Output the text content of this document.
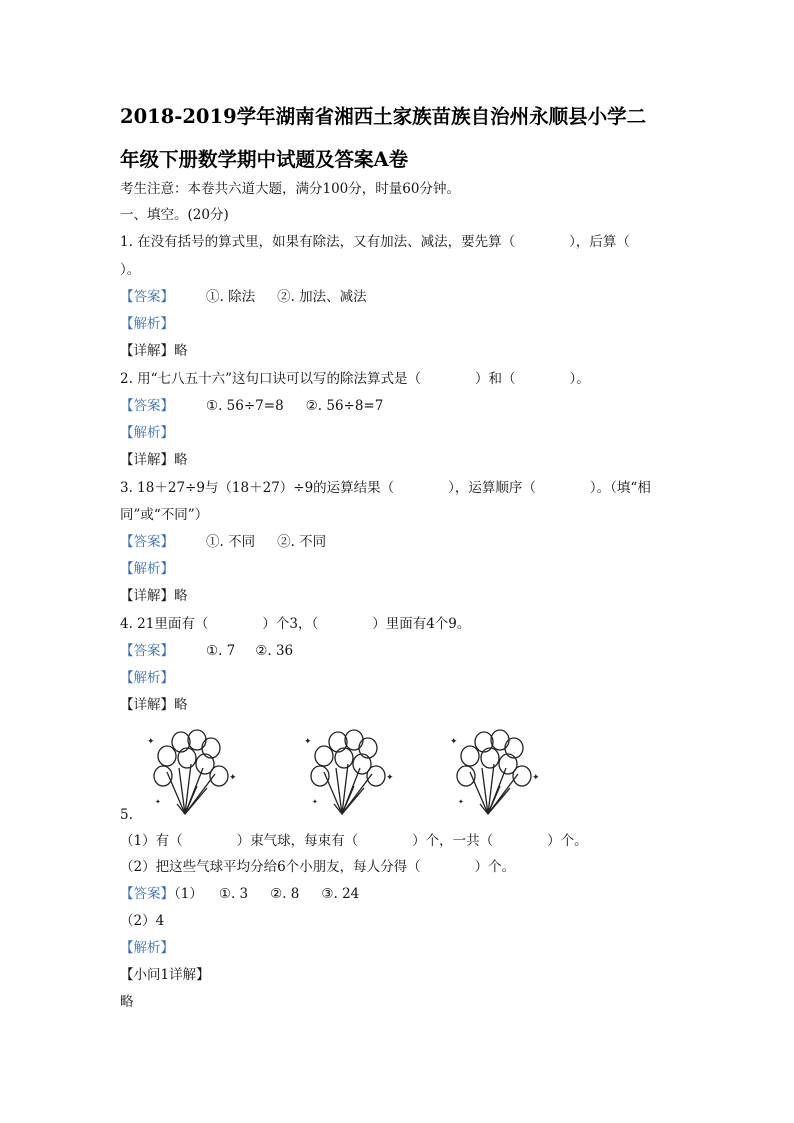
2018-2019学年湖南省湘西土家族苗族自治州永顺县小学二
年级下册数学期中试题及答案A卷
考生注意：本卷共六道大题，满分100分，时量60分钟。
一、填空。(20分)
1. 在没有括号的算式里，如果有除法，又有加法、减法，要先算（　　　　），后算（
）。
【答案】 ①. 除法 ②. 加法、减法
【解析】
【详解】略
2. 用“七八五十六”这句口诀可以写的除法算式是（　　　　）和（　　　　）。
【答案】 ①. 56÷7=8 ②. 56÷8=7
【解析】
【详解】略
3. 18＋27÷9与（18＋27）÷9的运算结果（　　　　），运算顺序（　　　　）。（填“相
同”或“不同”）
【答案】 ①. 不同 ②. 不同
【解析】
【详解】略
4. 21里面有（　　　　）个3，（　　　　）里面有4个9。
【答案】 ①. 7 ②. 36
【解析】
【详解】略
✦
✦
✦
✦
✦
✦
✦
✦
✦
5.
（1）有（　　　　）束气球，每束有（　　　　）个，一共（　　　　）个。
（2）把这些气球平均分给6个小朋友，每人分得（　　　　）个。
【答案】（1） ①. 3 ②. 8 ③. 24
（2）4
【解析】
【小问1详解】
略
